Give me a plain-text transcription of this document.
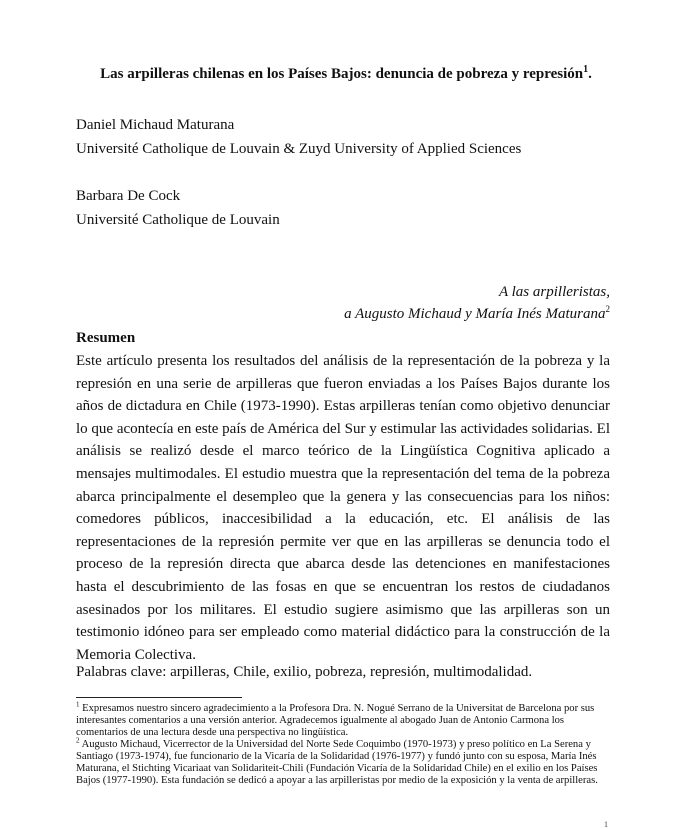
Las arpilleras chilenas en los Países Bajos: denuncia de pobreza y represión$^1$.
Daniel Michaud Maturana
Université Catholique de Louvain & Zuyd University of Applied Sciences
Barbara De Cock
Université Catholique de Louvain
A las arpilleristas,
a Augusto Michaud y María Inés Maturana$^2$
Resumen

Este artículo presenta los resultados del análisis de la representación de la pobreza y la represión en una serie de arpilleras que fueron enviadas a los Países Bajos durante los años de dictadura en Chile (1973-1990). Estas arpilleras tenían como objetivo denunciar lo que acontecía en este país de América del Sur y estimular las actividades solidarias. El análisis se realizó desde el marco teórico de la Lingüística Cognitiva aplicado a mensajes multimodales. El estudio muestra que la representación del tema de la pobreza abarca principalmente el desempleo que la genera y las consecuencias para los niños: comedores públicos, inaccesibilidad a la educación, etc. El análisis de las representaciones de la represión permite ver que en las arpilleras se denuncia todo el proceso de la represión directa que abarca desde las detenciones en manifestaciones hasta el descubrimiento de las fosas en que se encuentran los restos de ciudadanos asesinados por los militares. El estudio sugiere asimismo que las arpilleras son un testimonio idóneo para ser empleado como material didáctico para la construcción de la Memoria Colectiva.

Palabras clave: arpilleras, Chile, exilio, pobreza, represión, multimodalidad.

$^1$ Expresamos nuestro sincero agradecimiento a la Profesora Dra. N. Nogué Serrano de la Universitat de Barcelona por sus interesantes comentarios a una versión anterior. Agradecemos igualmente al abogado Juan de Antonio Carmona los comentarios de una lectura desde una perspectiva no lingüística.

$^2$ Augusto Michaud, Vicerrector de la Universidad del Norte Sede Coquimbo (1970-1973) y preso político en La Serena y Santiago (1973-1974), fue funcionario de la Vicaría de la Solidaridad (1976-1977) y fundó junto con su esposa, María Inés Maturana, el Stichting Vicariaat van Solidariteit-Chili (Fundación Vicaría de la Solidaridad Chile) en el exilio en los Países Bajos (1977-1990). Esta fundación se dedicó a apoyar a las arpilleristas por medio de la exposición y la venta de arpilleras.

1
